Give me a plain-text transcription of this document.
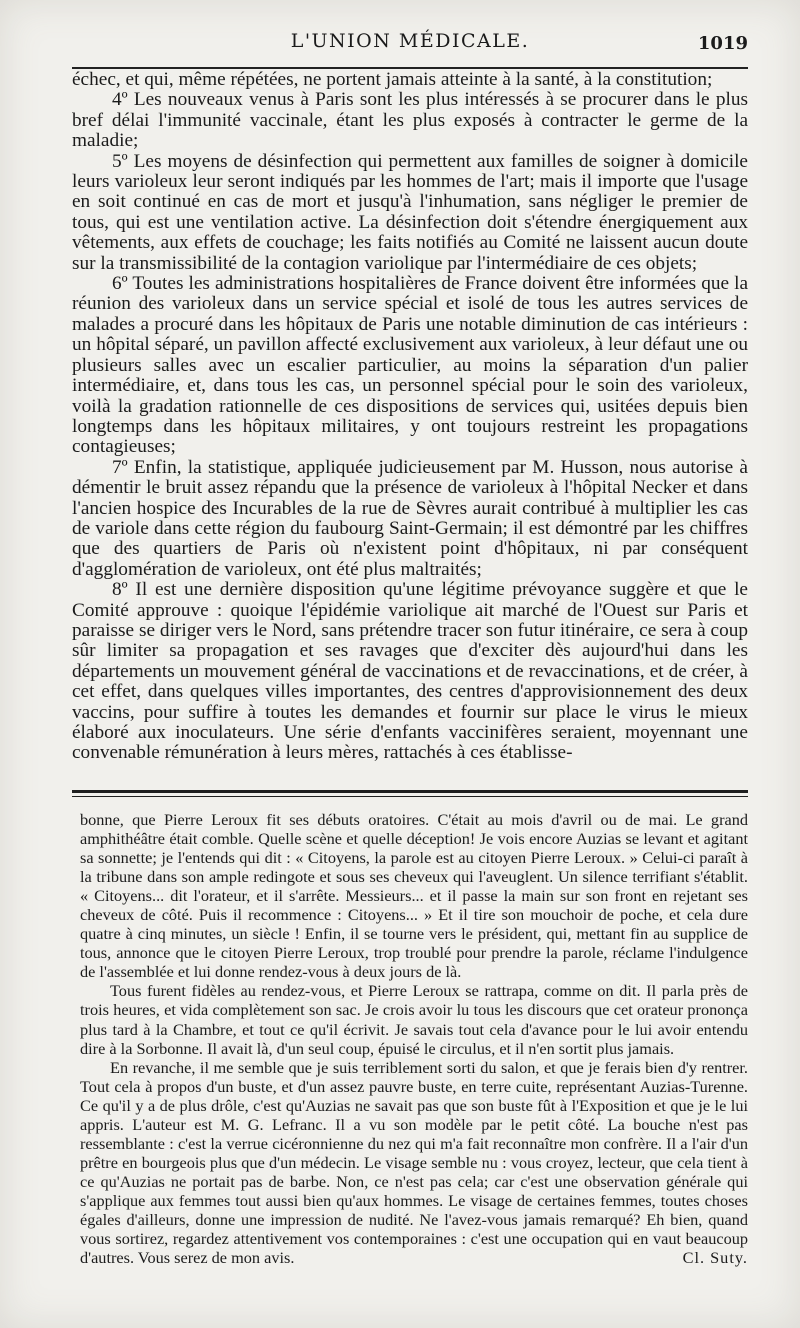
L'UNION MÉDICALE.	1019

échec, et qui, même répétées, ne portent jamais atteinte à la santé, à la constitution;

4º Les nouveaux venus à Paris sont les plus intéressés à se procurer dans le plus bref délai l'immunité vaccinale, étant les plus exposés à contracter le germe de la maladie;

5º Les moyens de désinfection qui permettent aux familles de soigner à domicile leurs varioleux leur seront indiqués par les hommes de l'art; mais il importe que l'usage en soit continué en cas de mort et jusqu'à l'inhumation, sans négliger le premier de tous, qui est une ventilation active. La désinfection doit s'étendre énergiquement aux vêtements, aux effets de couchage; les faits notifiés au Comité ne laissent aucun doute sur la transmissibilité de la contagion variolique par l'intermédiaire de ces objets;

6º Toutes les administrations hospitalières de France doivent être informées que la réunion des varioleux dans un service spécial et isolé de tous les autres services de malades a procuré dans les hôpitaux de Paris une notable diminution de cas intérieurs : un hôpital séparé, un pavillon affecté exclusivement aux varioleux, à leur défaut une ou plusieurs salles avec un escalier particulier, au moins la séparation d'un palier intermédiaire, et, dans tous les cas, un personnel spécial pour le soin des varioleux, voilà la gradation rationnelle de ces dispositions de services qui, usitées depuis bien longtemps dans les hôpitaux militaires, y ont toujours restreint les propagations contagieuses;

7º Enfin, la statistique, appliquée judicieusement par M. Husson, nous autorise à démentir le bruit assez répandu que la présence de varioleux à l'hôpital Necker et dans l'ancien hospice des Incurables de la rue de Sèvres aurait contribué à multiplier les cas de variole dans cette région du faubourg Saint-Germain; il est démontré par les chiffres que des quartiers de Paris où n'existent point d'hôpitaux, ni par conséquent d'agglomération de varioleux, ont été plus maltraités;

8º Il est une dernière disposition qu'une légitime prévoyance suggère et que le Comité approuve : quoique l'épidémie variolique ait marché de l'Ouest sur Paris et paraisse se diriger vers le Nord, sans prétendre tracer son futur itinéraire, ce sera à coup sûr limiter sa propagation et ses ravages que d'exciter dès aujourd'hui dans les départements un mouvement général de vaccinations et de revaccinations, et de créer, à cet effet, dans quelques villes importantes, des centres d'approvisionnement des deux vaccins, pour suffire à toutes les demandes et fournir sur place le virus le mieux élaboré aux inoculateurs. Une série d'enfants vaccinifères seraient, moyennant une convenable rémunération à leurs mères, rattachés à ces établisse-

bonne, que Pierre Leroux fit ses débuts oratoires. C'était au mois d'avril ou de mai. Le grand amphithéâtre était comble. Quelle scène et quelle déception! Je vois encore Auzias se levant et agitant sa sonnette; je l'entends qui dit : « Citoyens, la parole est au citoyen Pierre Leroux. » Celui-ci paraît à la tribune dans son ample redingote et sous ses cheveux qui l'aveuglent. Un silence terrifiant s'établit. « Citoyens... dit l'orateur, et il s'arrête. Messieurs... et il passe la main sur son front en rejetant ses cheveux de côté. Puis il recommence : Citoyens... » Et il tire son mouchoir de poche, et cela dure quatre à cinq minutes, un siècle ! Enfin, il se tourne vers le président, qui, mettant fin au supplice de tous, annonce que le citoyen Pierre Leroux, trop troublé pour prendre la parole, réclame l'indulgence de l'assemblée et lui donne rendez-vous à deux jours de là.

Tous furent fidèles au rendez-vous, et Pierre Leroux se rattrapa, comme on dit. Il parla près de trois heures, et vida complètement son sac. Je crois avoir lu tous les discours que cet orateur prononça plus tard à la Chambre, et tout ce qu'il écrivit. Je savais tout cela d'avance pour le lui avoir entendu dire à la Sorbonne. Il avait là, d'un seul coup, épuisé le circulus, et il n'en sortit plus jamais.

En revanche, il me semble que je suis terriblement sorti du salon, et que je ferais bien d'y rentrer. Tout cela à propos d'un buste, et d'un assez pauvre buste, en terre cuite, représentant Auzias-Turenne. Ce qu'il y a de plus drôle, c'est qu'Auzias ne savait pas que son buste fût à l'Exposition et que je le lui appris. L'auteur est M. G. Lefranc. Il a vu son modèle par le petit côté. La bouche n'est pas ressemblante : c'est la verrue cicéronnienne du nez qui m'a fait reconnaître mon confrère. Il a l'air d'un prêtre en bourgeois plus que d'un médecin. Le visage semble nu : vous croyez, lecteur, que cela tient à ce qu'Auzias ne portait pas de barbe. Non, ce n'est pas cela; car c'est une observation générale qui s'applique aux femmes tout aussi bien qu'aux hommes. Le visage de certaines femmes, toutes choses égales d'ailleurs, donne une impression de nudité. Ne l'avez-vous jamais remarqué? Eh bien, quand vous sortirez, regardez attentivement vos contemporaines : c'est une occupation qui en vaut beaucoup d'autres. Vous serez de mon avis.	Cl. Suty.
